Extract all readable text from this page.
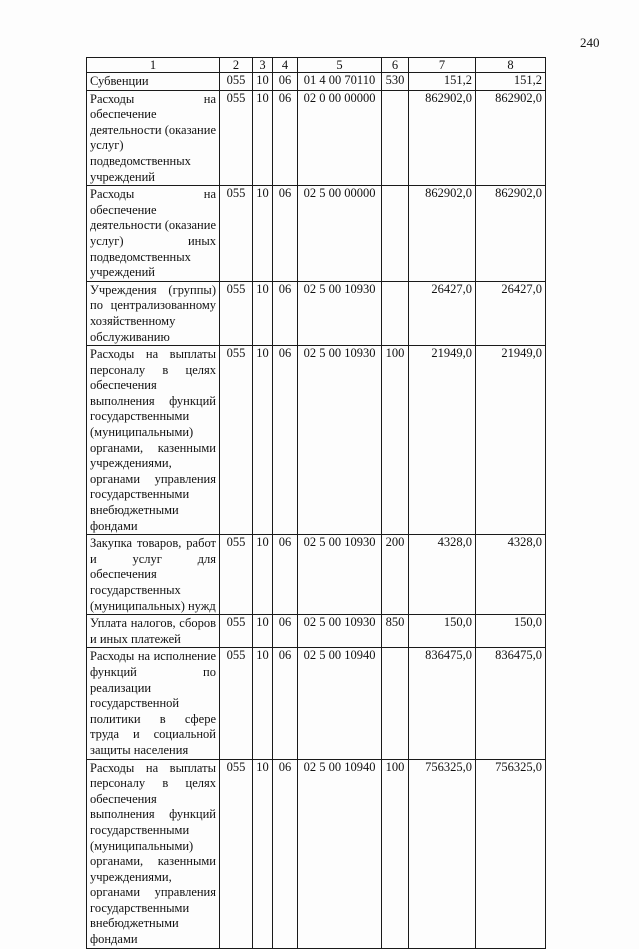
240
1	2	3	4	5	6	7	8
Субвенции	055	10	06	01 4 00 70110	530	151,2	151,2
Расходы на обеспечение деятельности (оказание услуг) подведомственных учреждений	055	10	06	02 0 00 00000		862902,0	862902,0
Расходы на обеспечение деятельности (оказание услуг) иных подведомственных учреждений	055	10	06	02 5 00 00000		862902,0	862902,0
Учреждения (группы) по централизованному хозяйственному обслуживанию	055	10	06	02 5 00 10930		26427,0	26427,0
Расходы на выплаты персоналу в целях обеспечения выполнения функций государственными (муниципальными) органами, казенными учреждениями, органами управления государственными внебюджетными фондами	055	10	06	02 5 00 10930	100	21949,0	21949,0
Закупка товаров, работ и услуг для обеспечения государственных (муниципальных) нужд	055	10	06	02 5 00 10930	200	4328,0	4328,0
Уплата налогов, сборов и иных платежей	055	10	06	02 5 00 10930	850	150,0	150,0
Расходы на исполнение функций по реализации государственной политики в сфере труда и социальной защиты населения	055	10	06	02 5 00 10940		836475,0	836475,0
Расходы на выплаты персоналу в целях обеспечения выполнения функций государственными (муниципальными) органами, казенными учреждениями, органами управления государственными внебюджетными фондами	055	10	06	02 5 00 10940	100	756325,0	756325,0
